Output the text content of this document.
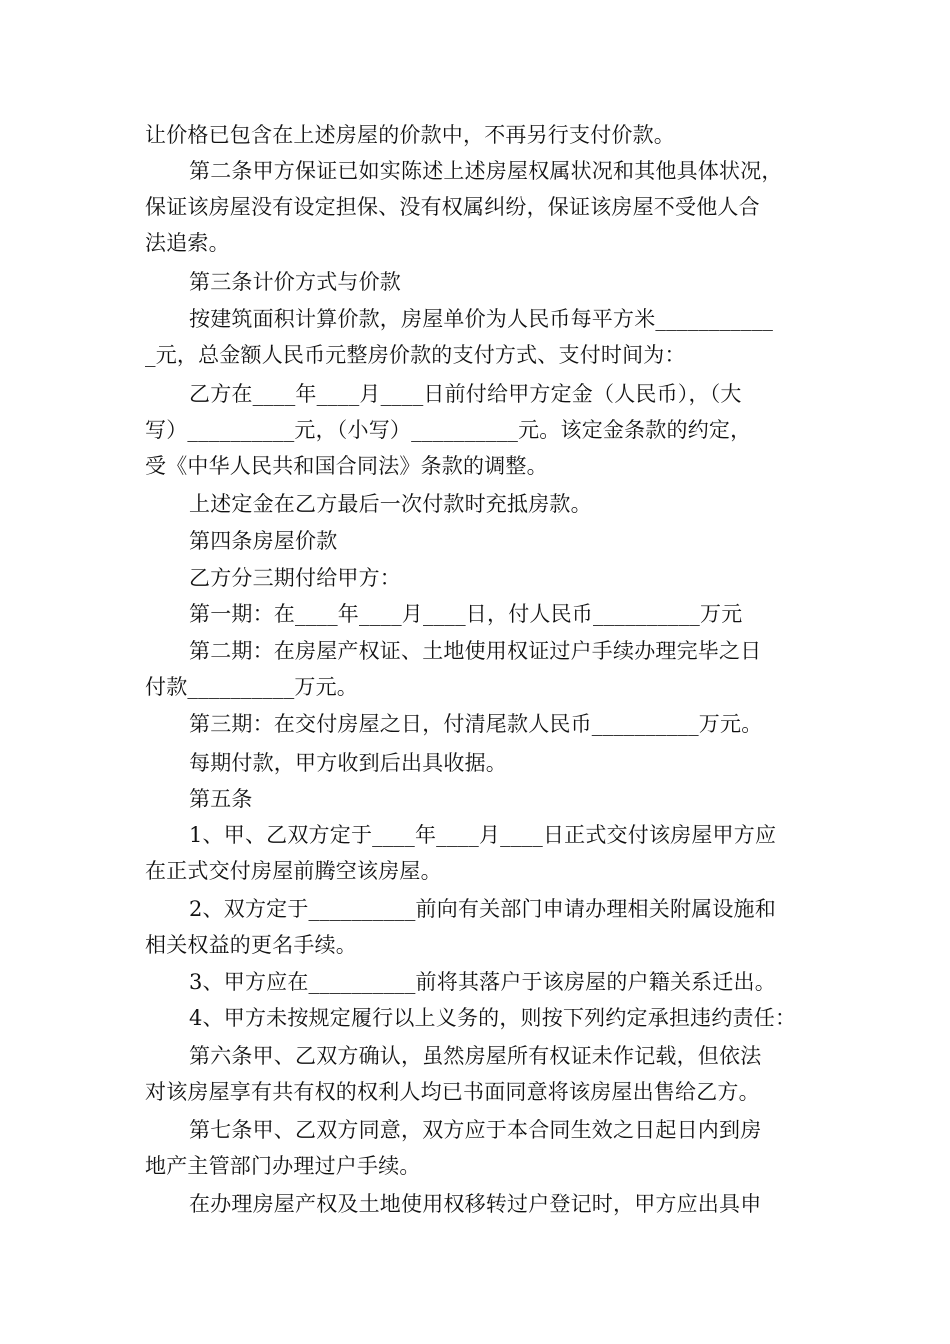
让价格已包含在上述房屋的价款中，不再另行支付价款。
第二条甲方保证已如实陈述上述房屋权属状况和其他具体状况，
保证该房屋没有设定担保、没有权属纠纷，保证该房屋不受他人合
法追索。
第三条计价方式与价款
按建筑面积计算价款，房屋单价为人民币每平方米___________
_元，总金额人民币元整房价款的支付方式、支付时间为：
乙方在____年____月____日前付给甲方定金（人民币），（大
写）__________元，（小写）__________元。该定金条款的约定，
受《中华人民共和国合同法》条款的调整。
上述定金在乙方最后一次付款时充抵房款。
第四条房屋价款
乙方分三期付给甲方：
第一期：在____年____月____日，付人民币__________万元
第二期：在房屋产权证、土地使用权证过户手续办理完毕之日
付款__________万元。
第三期：在交付房屋之日，付清尾款人民币__________万元。
每期付款，甲方收到后出具收据。
第五条
1、甲、乙双方定于____年____月____日正式交付该房屋甲方应
在正式交付房屋前腾空该房屋。
2、双方定于__________前向有关部门申请办理相关附属设施和
相关权益的更名手续。
3、甲方应在__________前将其落户于该房屋的户籍关系迁出。
4、甲方未按规定履行以上义务的，则按下列约定承担违约责任：
第六条甲、乙双方确认，虽然房屋所有权证未作记载，但依法
对该房屋享有共有权的权利人均已书面同意将该房屋出售给乙方。
第七条甲、乙双方同意，双方应于本合同生效之日起日内到房
地产主管部门办理过户手续。
在办理房屋产权及土地使用权移转过户登记时，甲方应出具申
